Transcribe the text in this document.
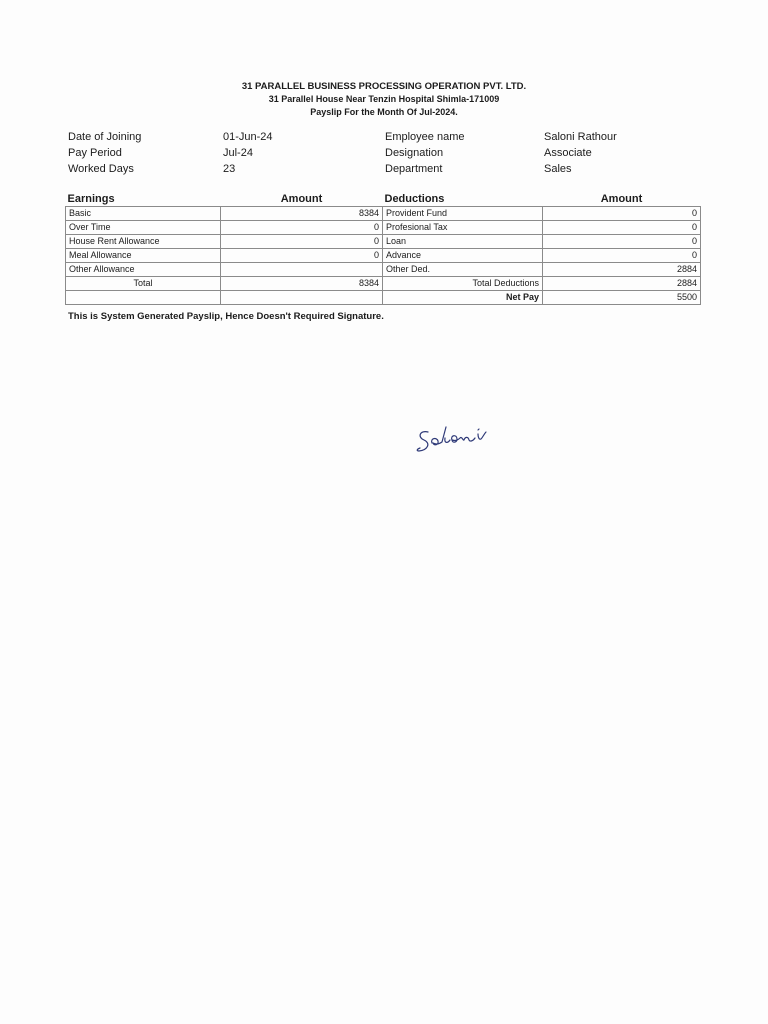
31 PARALLEL BUSINESS PROCESSING OPERATION PVT. LTD.
31 Parallel House Near Tenzin Hospital Shimla-171009
Payslip For the Month Of Jul-2024.
Date of Joining	01-Jun-24	Employee name	Saloni Rathour
Pay Period	Jul-24	Designation	Associate
Worked Days	23	Department	Sales
Earnings	Amount	Deductions	Amount
Basic	8384	Provident Fund	0
Over Time	0	Profesional Tax	0
House Rent Allowance	0	Loan	0
Meal Allowance	0	Advance	0
Other Allowance		Other Ded.	2884
Total	8384	Total Deductions	2884
		Net Pay	5500
This is System Generated Payslip, Hence Doesn't Required Signature.
